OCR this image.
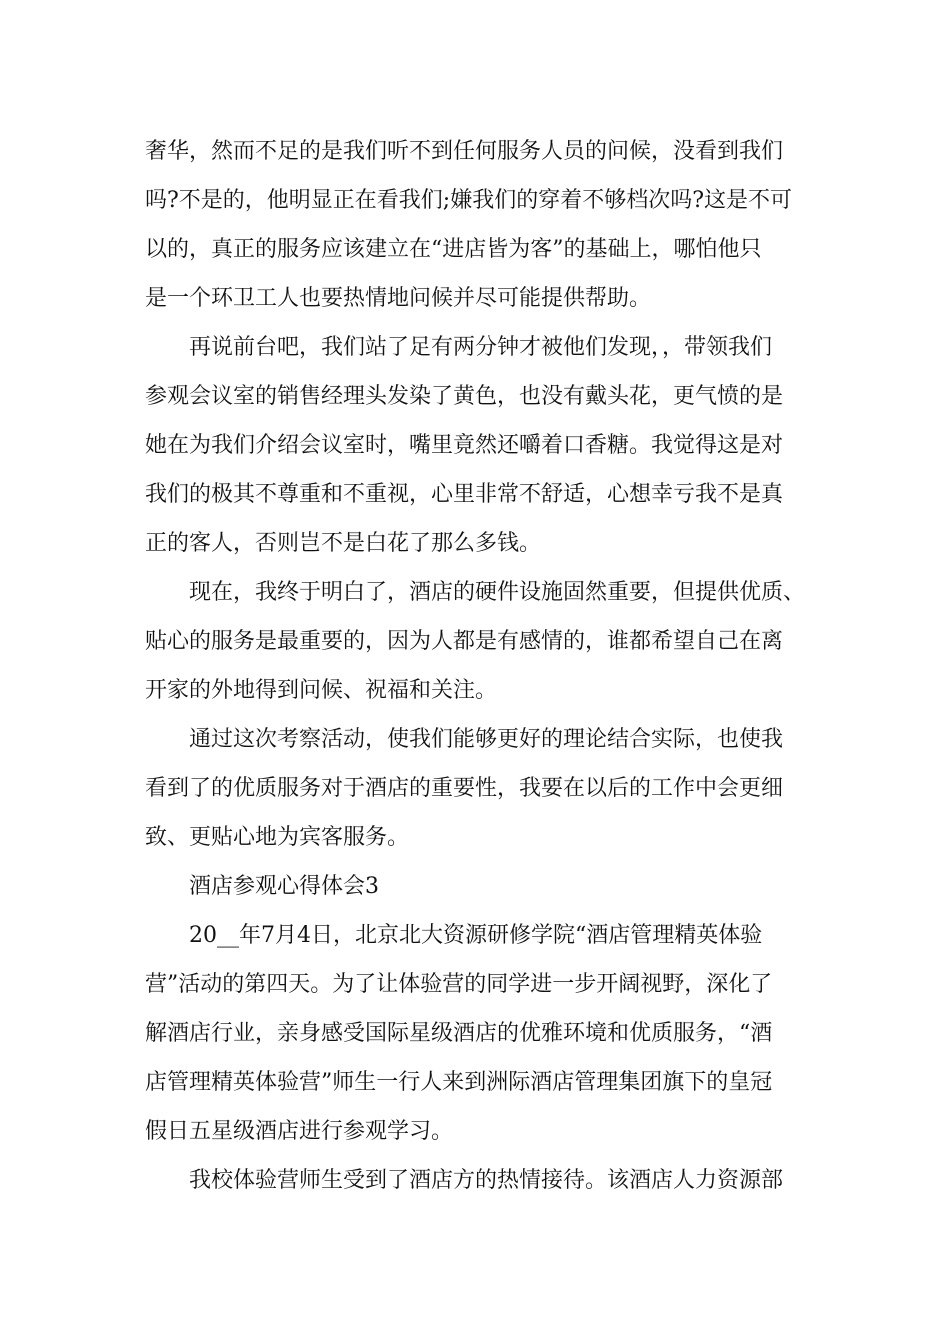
奢华，然而不足的是我们听不到任何服务人员的问候，没看到我们
吗?不是的，他明显正在看我们;嫌我们的穿着不够档次吗?这是不可
以的，真正的服务应该建立在“进店皆为客”的基础上，哪怕他只
是一个环卫工人也要热情地问候并尽可能提供帮助。
再说前台吧，我们站了足有两分钟才被他们发现，，带领我们
参观会议室的销售经理头发染了黄色，也没有戴头花，更气愤的是
她在为我们介绍会议室时，嘴里竟然还嚼着口香糖。我觉得这是对
我们的极其不尊重和不重视，心里非常不舒适，心想幸亏我不是真
正的客人，否则岂不是白花了那么多钱。
现在，我终于明白了，酒店的硬件设施固然重要，但提供优质、
贴心的服务是最重要的，因为人都是有感情的，谁都希望自己在离
开家的外地得到问候、祝福和关注。
通过这次考察活动，使我们能够更好的理论结合实际，也使我
看到了的优质服务对于酒店的重要性，我要在以后的工作中会更细
致、更贴心地为宾客服务。
酒店参观心得体会3
20__年7月4日，北京北大资源研修学院“酒店管理精英体验
营”活动的第四天。为了让体验营的同学进一步开阔视野，深化了
解酒店行业，亲身感受国际星级酒店的优雅环境和优质服务，“酒
店管理精英体验营”师生一行人来到洲际酒店管理集团旗下的皇冠
假日五星级酒店进行参观学习。
我校体验营师生受到了酒店方的热情接待。该酒店人力资源部
